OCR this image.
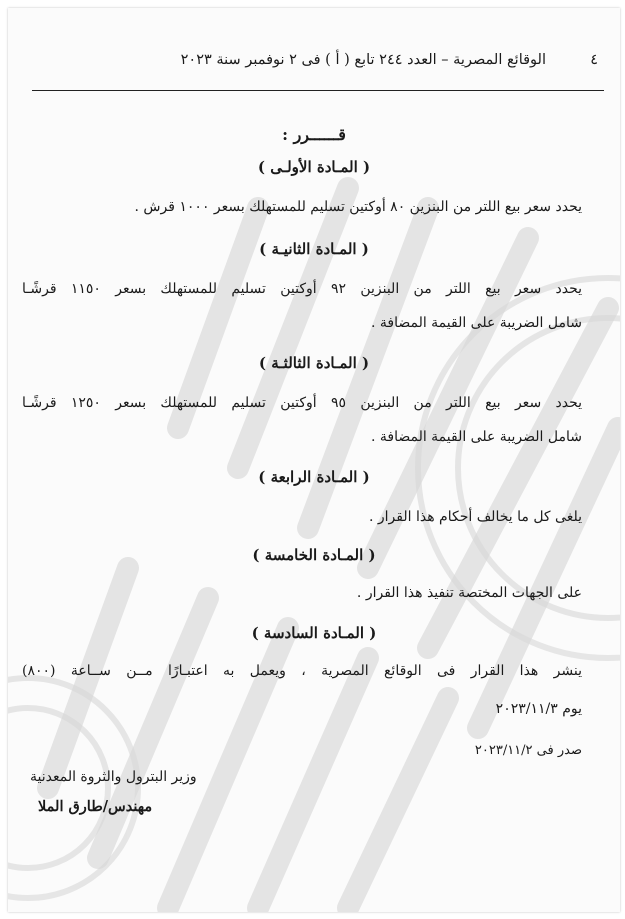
٤
الوقائع المصرية – العدد ٢٤٤ تابع ( أ ) فى ٢ نوفمبر سنة ٢٠٢٣
قــــــرر :
( المـادة الأولـى )
يحدد سعر بيع اللتر من البنزين ٨٠ أوكتين تسليم للمستهلك بسعر ١٠٠٠ قرش .
( المـادة الثانيـة )
يحدد سعر بيع اللتر من البنزين ٩٢ أوكتين تسليم للمستهلك بسعر ١١٥٠ قرشًـا
شامل الضريبة على القيمة المضافة .
( المـادة الثالثـة )
يحدد سعر بيع اللتر من البنزين ٩٥ أوكتين تسليم للمستهلك بسعر ١٢٥٠ قرشًـا
شامل الضريبة على القيمة المضافة .
( المـادة الرابعة )
يلغى كل ما يخالف أحكام هذا القرار .
( المـادة الخامسة )
على الجهات المختصة تنفيذ هذا القرار .
( المـادة السادسة )
ينشر هذا القرار فى الوقائع المصرية ، ويعمل به اعتبـارًا مــن ســاعة (٨٠٠)
يوم ٢٠٢٣/١١/٣
صدر فى ٢٠٢٣/١١/٢
وزير البترول والثروة المعدنية
مهندس/طارق الملا
